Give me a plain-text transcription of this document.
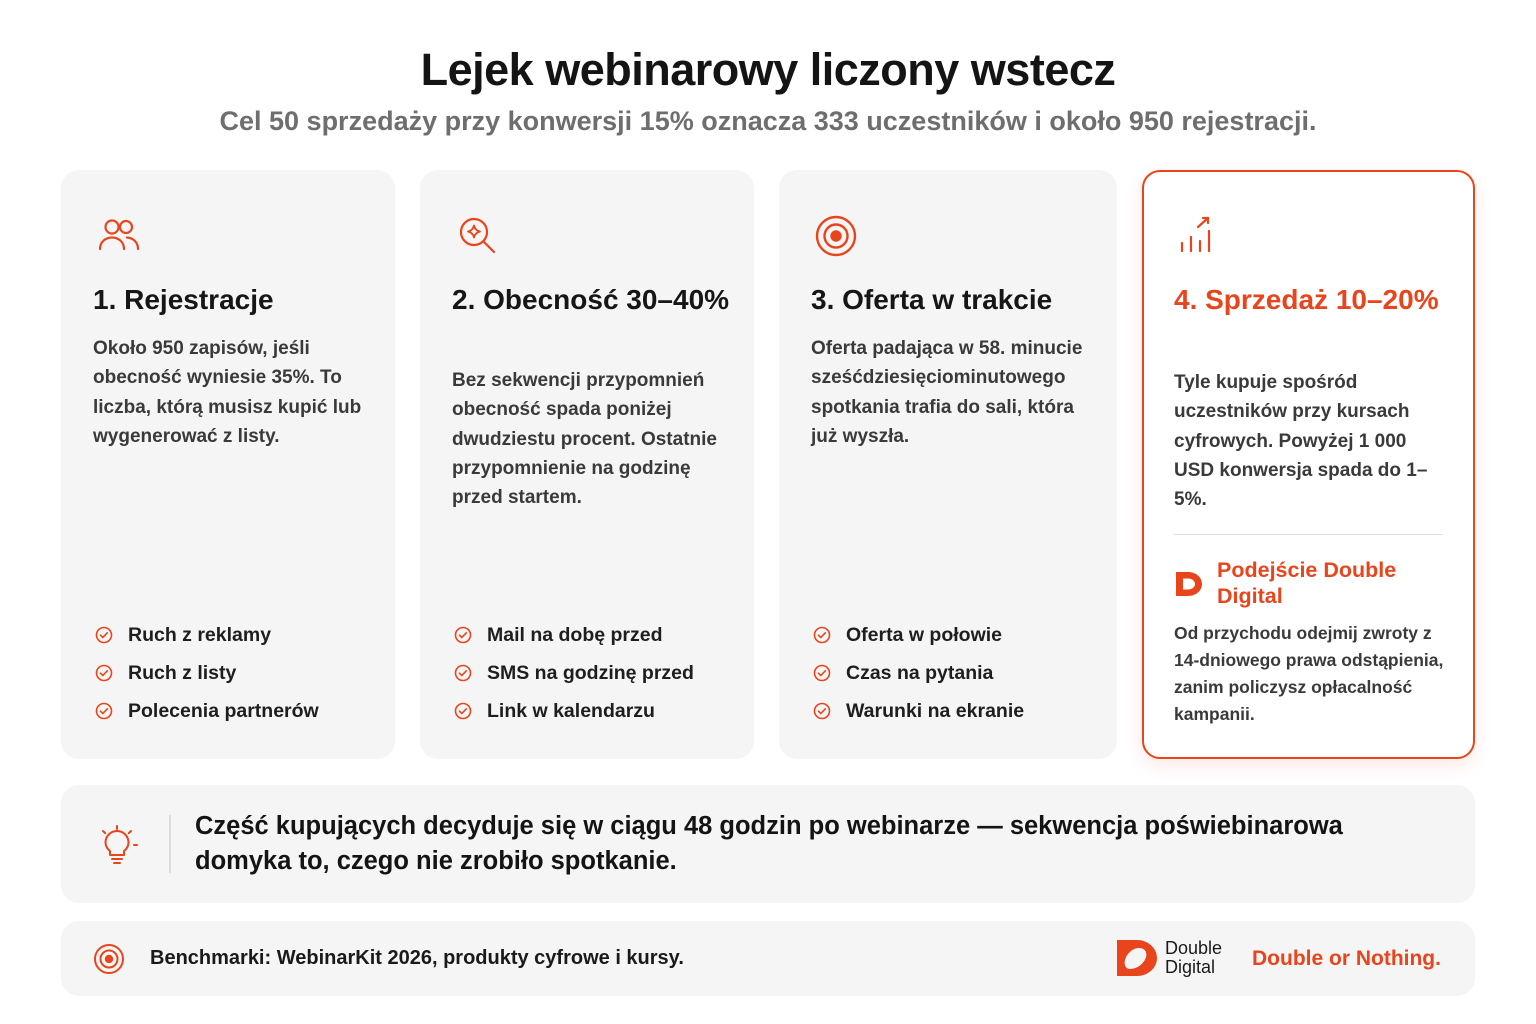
Lejek webinarowy liczony wstecz

Cel 50 sprzedaży przy konwersji 15% oznacza 333 uczestników i około 950 rejestracji.

1. Rejestracje

Około 950 zapisów, jeśli obecność wyniesie 35%. To liczba, którą musisz kupić lub wygenerować z listy.

Ruch z reklamy
Ruch z listy
Polecenia partnerów
2. Obecność 30–40%

Bez sekwencji przypomnień obecność spada poniżej dwudziestu procent. Ostatnie przypomnienie na godzinę przed startem.

Mail na dobę przed
SMS na godzinę przed
Link w kalendarzu
3. Oferta w trakcie

Oferta padająca w 58. minucie sześćdziesięciominutowego spotkania trafia do sali, która już wyszła.

Oferta w połowie
Czas na pytania
Warunki na ekranie
4. Sprzedaż 10–20%

Tyle kupuje spośród uczestników przy kursach cyfrowych. Powyżej 1 000 USD konwersja spada do 1–5%.

Podejście Double Digital

Od przychodu odejmij zwroty z 14-dniowego prawa odstąpienia, zanim policzysz opłacalność kampanii.

Część kupujących decyduje się w ciągu 48 godzin po webinarze — sekwencja poświebinarowa domyka to, czego nie zrobiło spotkanie.

Benchmarki: WebinarKit 2026, produkty cyfrowe i kursy.	Double
Digital	Double or Nothing.
